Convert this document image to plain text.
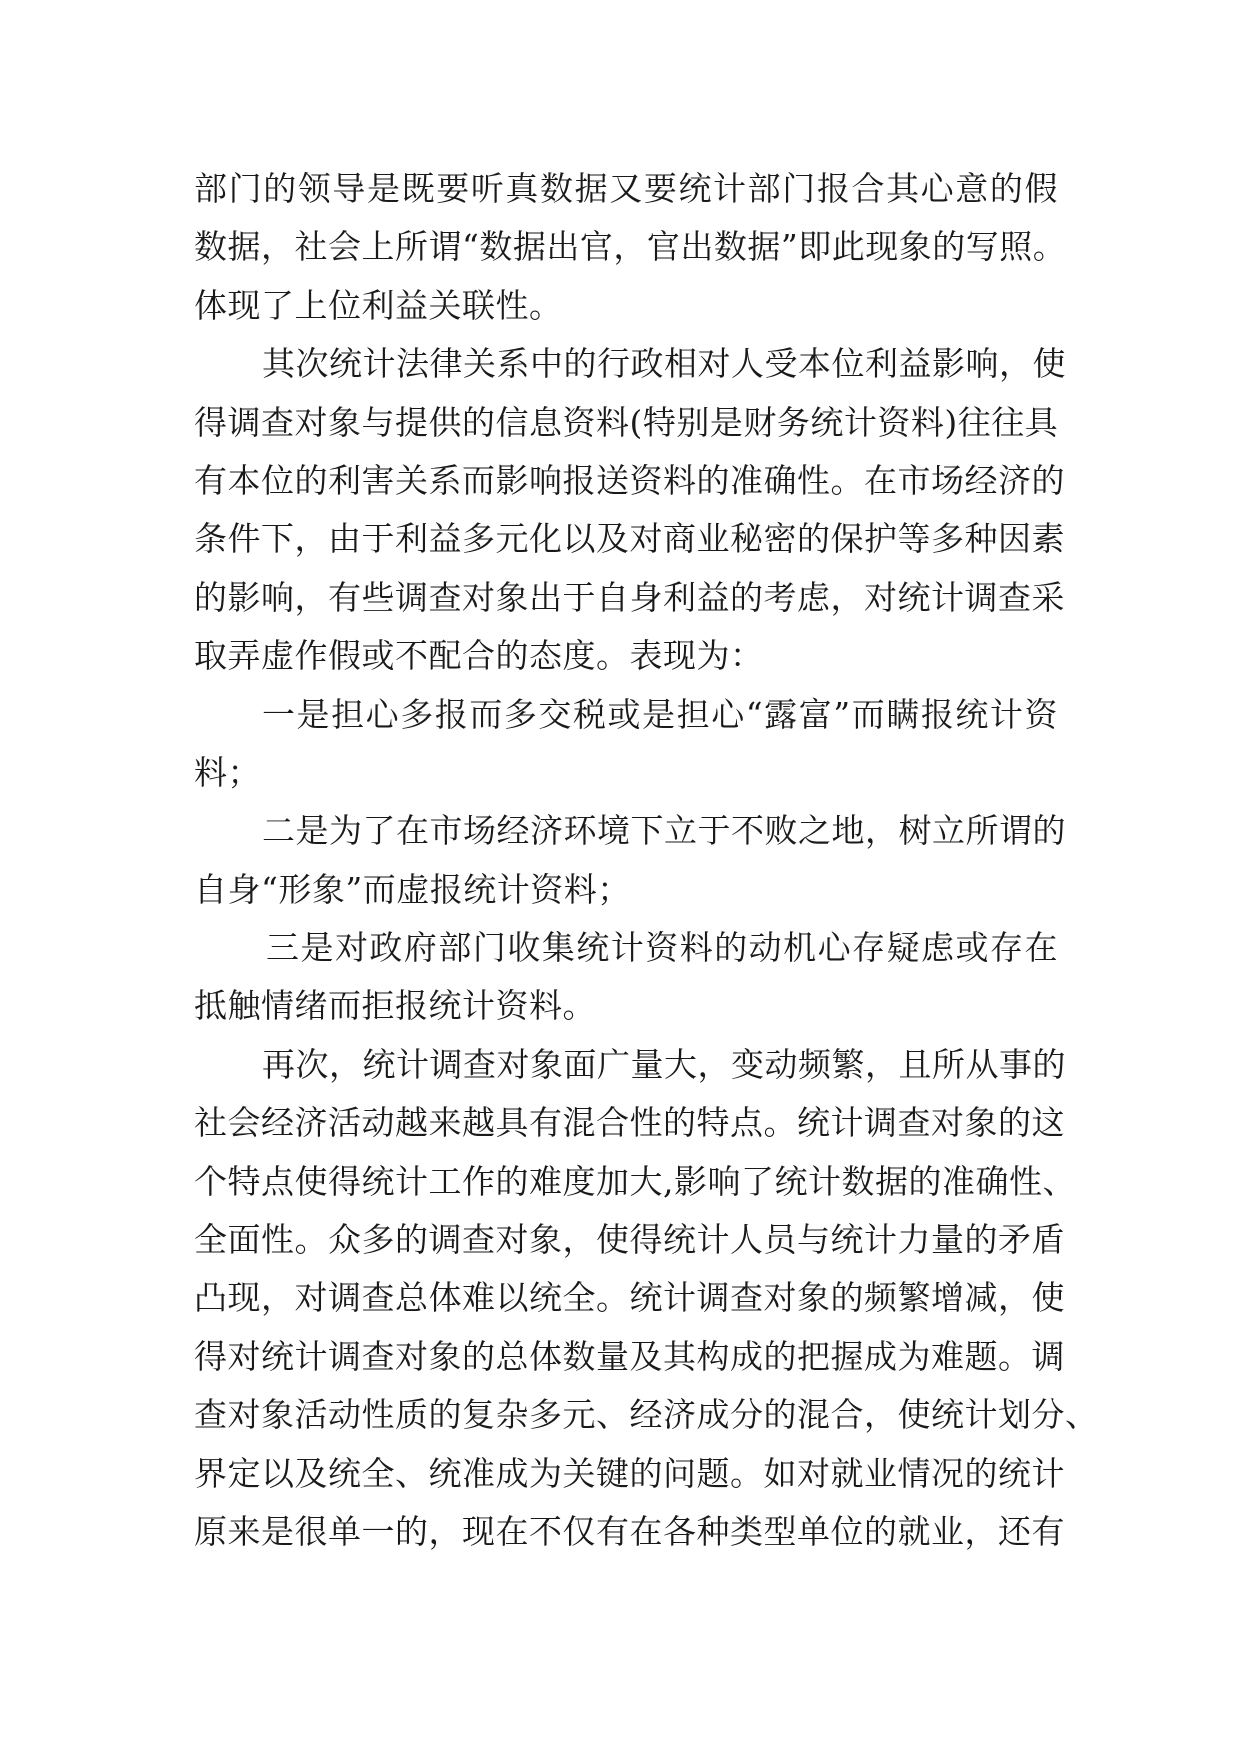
部门的领导是既要听真数据又要统计部门报合其心意的假
数据，社会上所谓“数据出官，官出数据”即此现象的写照。
体现了上位利益关联性。
其次统计法律关系中的行政相对人受本位利益影响，使
得调查对象与提供的信息资料(特别是财务统计资料)往往具
有本位的利害关系而影响报送资料的准确性。在市场经济的
条件下，由于利益多元化以及对商业秘密的保护等多种因素
的影响，有些调查对象出于自身利益的考虑，对统计调查采
取弄虚作假或不配合的态度。表现为：
一是担心多报而多交税或是担心“露富”而瞒报统计资
料；
二是为了在市场经济环境下立于不败之地，树立所谓的
自身“形象”而虚报统计资料；
三是对政府部门收集统计资料的动机心存疑虑或存在
抵触情绪而拒报统计资料。
再次，统计调查对象面广量大，变动频繁，且所从事的
社会经济活动越来越具有混合性的特点。统计调查对象的这
个特点使得统计工作的难度加大,影响了统计数据的准确性、
全面性。众多的调查对象，使得统计人员与统计力量的矛盾
凸现，对调查总体难以统全。统计调查对象的频繁增减，使
得对统计调查对象的总体数量及其构成的把握成为难题。调
查对象活动性质的复杂多元、经济成分的混合，使统计划分、
界定以及统全、统准成为关键的问题。如对就业情况的统计
原来是很单一的，现在不仅有在各种类型单位的就业，还有
